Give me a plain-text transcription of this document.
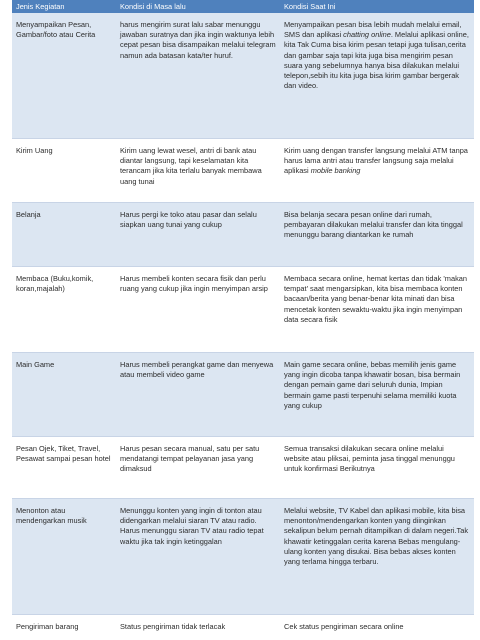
Jenis Kegiatan	Kondisi di Masa lalu	Kondisi Saat Ini
Menyampaikan Pesan, Gambar/foto atau Cerita	harus mengirim surat lalu sabar menunggu jawaban suratnya dan jika ingin waktunya lebih cepat pesan bisa disampaikan melalui telegram namun ada batasan kata/ter huruf.	Menyampaikan pesan bisa lebih mudah melalui email, SMS dan aplikasi chatting online. Melalui aplikasi online, kita Tak Cuma bisa kirim pesan tetapi juga tulisan,cerita dan gambar saja tapi kita juga bisa mengirim pesan suara yang sebelumnya hanya bisa dilakukan melalui telepon,sebih itu kita juga bisa kirim gambar bergerak dan video.
Kirim Uang	Kirim uang lewat wesel, antri di bank atau diantar langsung, tapi keselamatan kita terancam jika kita terlalu banyak membawa uang tunai	Kirim uang dengan transfer langsung melalui ATM tanpa harus lama antri atau transfer langsung saja melalui aplikasi mobile banking
Belanja	Harus pergi ke toko atau pasar dan selalu siapkan uang tunai yang cukup	Bisa belanja secara pesan online dari rumah, pembayaran dilakukan melalui transfer dan kita tinggal menunggu barang diantarkan ke rumah
Membaca (Buku,komik, koran,majalah)	Harus membeli konten secara fisik dan perlu ruang yang cukup jika ingin menyimpan arsip	Membaca secara online, hemat kertas dan tidak 'makan tempat' saat mengarsipkan, kita bisa membaca konten bacaan/berita yang benar-benar kita minati dan bisa mencetak konten sewaktu-waktu jika ingin menyimpan data secara fisik
Main Game	Harus membeli perangkat game dan menyewa atau membeli video game	Main game secara online, bebas memilih jenis game yang ingin dicoba tanpa khawatir bosan, bisa bermain dengan pemain game dari seluruh dunia, Impian bermain game pasti terpenuhi selama memiliki kuota yang cukup
Pesan Ojek, Tiket, Travel, Pesawat sampai pesan hotel	Harus pesan secara manual, satu per satu mendatangi tempat pelayanan jasa yang dimaksud	Semua transaksi dilakukan secara online melalui website atau pliksai, peminta jasa tinggal menunggu untuk konfirmasi Berikutnya
Menonton atau mendengarkan musik	Menunggu konten yang ingin di tonton atau didengarkan melalui siaran TV atau radio. Harus menunggu siaran TV atau radio tepat waktu jika tak ingin ketinggalan	Melalui website, TV Kabel dan aplikasi mobile, kita bisa menonton/mendengarkan konten yang diinginkan sekalipun belum pernah ditampilkan di dalam negeri.Tak khawatir ketinggalan cerita karena Bebas mengulang-ulang konten yang disukai. Bisa bebas akses konten yang terlama hingga terbaru.
Pengiriman barang	Status pengiriman tidak terlacak	Cek status pengiriman secara online
